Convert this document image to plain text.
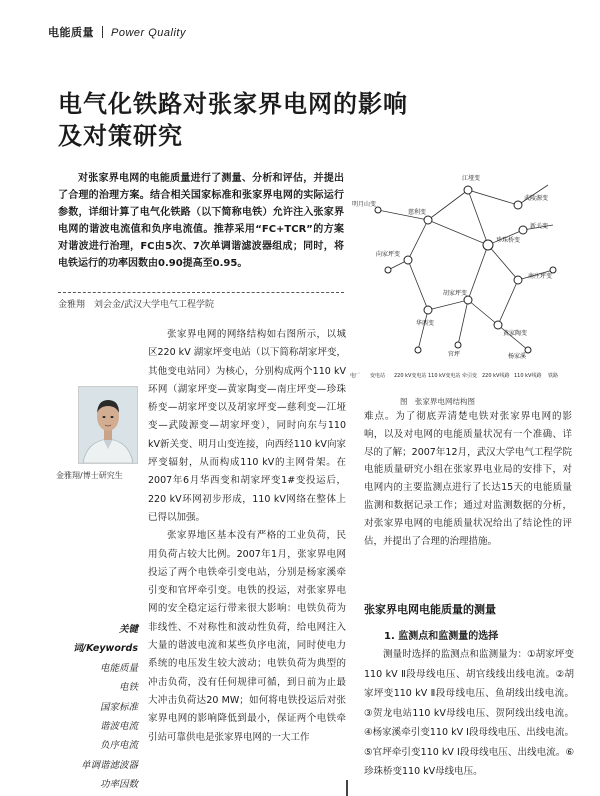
电能质量 Power Quality
电气化铁路对张家界电网的影响
及对策研究

对张家界电网的电能质量进行了测量、分析和评估，并提出了合理的治理方案。结合相关国家标准和张家界电网的实际运行参数，详细计算了电气化铁路（以下简称电铁）允许注入张家界电网的谐波电流值和负序电流值。推荐采用“FC+TCR”的方案对谐波进行治理，FC由5次、7次单调谐滤波器组成；同时，将电铁运行的功率因数由0.90提高至0.95。

金雅翔　刘会金/武汉大学电气工程学院
金雅翔/博士研究生

张家界电网的网络结构如右图所示，以城区220 kV 湖家坪变电站（以下简称胡家坪变，其他变电站同）为核心，分别构成两个110 kV环网（湖家坪变—黄家陶变—南庄坪变—珍珠桥变—胡家坪变以及胡家坪变—慈利变—江垭变—武陵源变—胡家坪变），同时向东与110 kV新关变、明月山变连接，向西经110 kV向家坪变辐射，从而构成110 kV的主网骨架。在2007年6月华西变和胡家坪变1#变投运后，220 kV环网初步形成，110 kV网络在整体上已得以加强。

张家界地区基本没有严格的工业负荷，民用负荷占较大比例。2007年1月，张家界电网投运了两个电铁牵引变电站，分别是杨家溪牵引变和官坪牵引变。电铁的投运，对张家界电网的安全稳定运行带来很大影响：电铁负荷为非线性、不对称性和波动性负荷，给电网注入大量的谐波电流和某些负序电流，同时使电力系统的电压发生较大波动；电铁负荷为典型的冲击负荷，没有任何规律可循，到日前为止最大冲击负荷达20 MW；如何将电铁投运后对张家界电网的影响降低到最小，保证两个电铁牵引站可靠供电是张家界电网的一大工作

关键词/Keywords
电能质量
电铁
国家标准
谐波电流
负序电流
单调谐滤波器
功率因数
江垭变
慈利变
武陵源变
向家坪变
珍珠桥变
南庄坪变
胡家坪变
华西变
黄家陶变
新关变
明月山变
杨家溪
官坪
电厂 变电站 220 kV变电站 110 kV变电站 牵引变 220 kV线路 110 kV线路 铁路
图　张家界电网结构图

难点。为了彻底弄清楚电铁对张家界电网的影响，以及对电网的电能质量状况有一个准确、详尽的了解；2007年12月，武汉大学电气工程学院电能质量研究小组在张家界电业局的安排下，对电网内的主要监测点进行了长达15天的电能质量监测和数据记录工作；通过对监测数据的分析，对张家界电网的电能质量状况给出了结论性的评估，并提出了合理的治理措施。

张家界电网电能质量的测量
1. 监测点和监测量的选择

测量时选择的监测点和监测量为：①胡家坪变110 kV Ⅱ段母线电压、胡官线线出线电流。②胡家坪变110 kV Ⅱ段母线电压、鱼胡线出线电流。③贺龙电站110 kV母线电压、贺阿线出线电流。④杨家溪牵引变110 kV Ⅰ段母线电压、出线电流。⑤官坪牵引变110 kV Ⅰ段母线电压、出线电流。⑥珍珠桥变110 kV母线电压。
